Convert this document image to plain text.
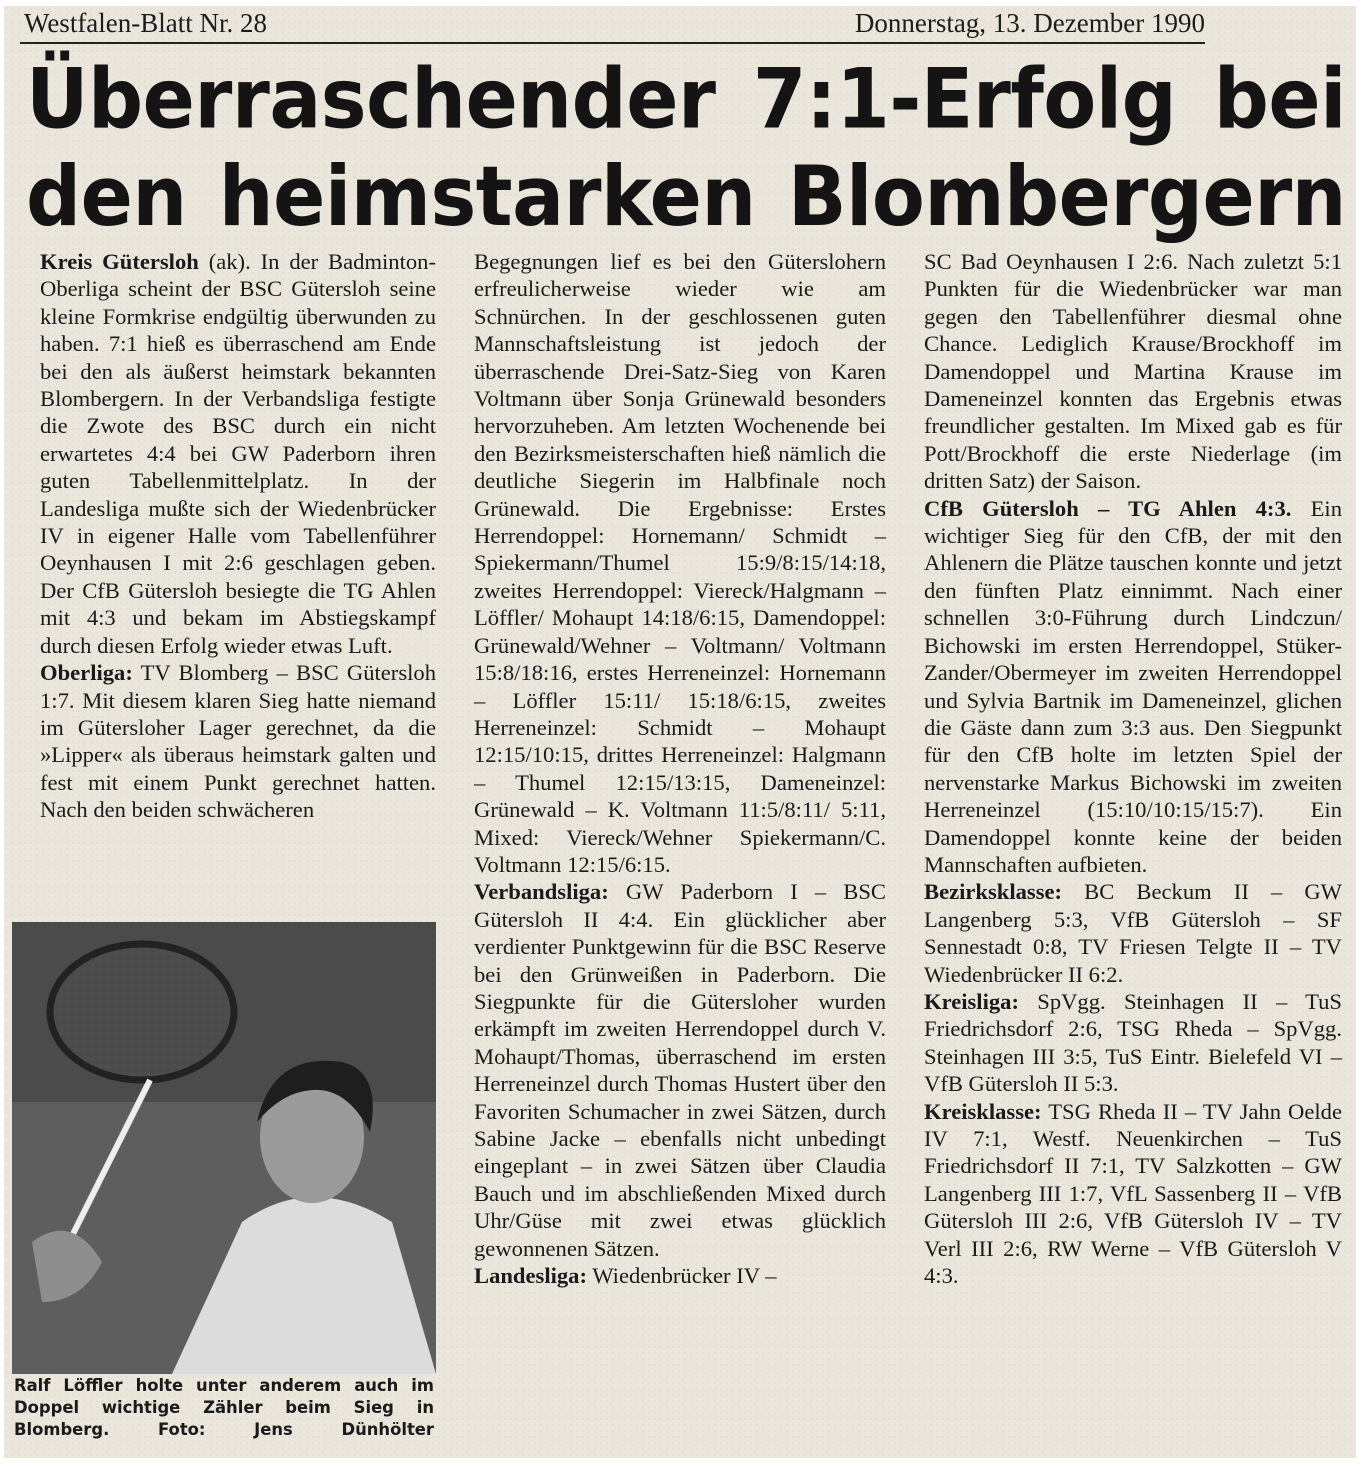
Westfalen-Blatt Nr. 28	Donnerstag, 13. Dezember 1990
Überraschender 7:1-Erfolg bei
den heimstarken Blombergern

Kreis Gütersloh (ak). In der Badminton-Oberliga scheint der BSC Gütersloh seine kleine Formkrise endgültig überwunden zu haben. 7:1 hieß es überraschend am Ende bei den als äußerst heimstark bekannten Blombergern. In der Verbandsliga festigte die Zwote des BSC durch ein nicht erwartetes 4:4 bei GW Paderborn ihren guten Tabellenmittelplatz. In der Landesliga mußte sich der Wiedenbrücker IV in eigener Halle vom Tabellenführer Oeynhausen I mit 2:6 geschlagen geben. Der CfB Gütersloh besiegte die TG Ahlen mit 4:3 und bekam im Abstiegskampf durch diesen Erfolg wieder etwas Luft.

Oberliga: TV Blomberg – BSC Gütersloh 1:7. Mit diesem klaren Sieg hatte niemand im Gütersloher Lager gerechnet, da die »Lipper« als überaus heimstark galten und fest mit einem Punkt gerechnet hatten. Nach den beiden schwächeren

Begegnungen lief es bei den Güterslohern erfreulicherweise wieder wie am Schnürchen. In der geschlossenen guten Mannschaftsleistung ist jedoch der überraschende Drei-Satz-Sieg von Karen Voltmann über Sonja Grünewald besonders hervorzuheben. Am letzten Wochenende bei den Bezirksmeisterschaften hieß nämlich die deutliche Siegerin im Halbfinale noch Grünewald. Die Ergebnisse: Erstes Herrendoppel: Hornemann/ Schmidt – Spiekermann/Thumel 15:9/8:15/14:18, zweites Herrendoppel: Viereck/Halgmann – Löffler/ Mohaupt 14:18/6:15, Damendoppel: Grünewald/Wehner – Voltmann/ Voltmann 15:8/18:16, erstes Herreneinzel: Hornemann – Löffler 15:11/ 15:18/6:15, zweites Herreneinzel: Schmidt – Mohaupt 12:15/10:15, drittes Herreneinzel: Halgmann – Thumel 12:15/13:15, Dameneinzel: Grünewald – K. Voltmann 11:5/8:11/ 5:11, Mixed: Viereck/Wehner Spiekermann/C. Voltmann 12:15/6:15.

Verbandsliga: GW Paderborn I – BSC Gütersloh II 4:4. Ein glücklicher aber verdienter Punktgewinn für die BSC Reserve bei den Grünweißen in Paderborn. Die Siegpunkte für die Gütersloher wurden erkämpft im zweiten Herrendoppel durch V. Mohaupt/Thomas, überraschend im ersten Herreneinzel durch Thomas Hustert über den Favoriten Schumacher in zwei Sätzen, durch Sabine Jacke – ebenfalls nicht unbedingt eingeplant – in zwei Sätzen über Claudia Bauch und im abschließenden Mixed durch Uhr/Güse mit zwei etwas glücklich gewonnenen Sätzen.

Landesliga: Wiedenbrücker IV –

SC Bad Oeynhausen I 2:6. Nach zuletzt 5:1 Punkten für die Wiedenbrücker war man gegen den Tabellenführer diesmal ohne Chance. Lediglich Krause/Brockhoff im Damendoppel und Martina Krause im Dameneinzel konnten das Ergebnis etwas freundlicher gestalten. Im Mixed gab es für Pott/Brockhoff die erste Niederlage (im dritten Satz) der Saison.

CfB Gütersloh – TG Ahlen 4:3. Ein wichtiger Sieg für den CfB, der mit den Ahlenern die Plätze tauschen konnte und jetzt den fünften Platz einnimmt. Nach einer schnellen 3:0-Führung durch Lindczun/ Bichowski im ersten Herrendoppel, Stüker-Zander/Obermeyer im zweiten Herrendoppel und Sylvia Bartnik im Dameneinzel, glichen die Gäste dann zum 3:3 aus. Den Siegpunkt für den CfB holte im letzten Spiel der nervenstarke Markus Bichowski im zweiten Herreneinzel (15:10/10:15/15:7). Ein Damendoppel konnte keine der beiden Mannschaften aufbieten.

Bezirksklasse: BC Beckum II – GW Langenberg 5:3, VfB Gütersloh – SF Sennestadt 0:8, TV Friesen Telgte II – TV Wiedenbrücker II 6:2.

Kreisliga: SpVgg. Steinhagen II – TuS Friedrichsdorf 2:6, TSG Rheda – SpVgg. Steinhagen III 3:5, TuS Eintr. Bielefeld VI – VfB Gütersloh II 5:3.

Kreisklasse: TSG Rheda II – TV Jahn Oelde IV 7:1, Westf. Neuenkirchen – TuS Friedrichsdorf II 7:1, TV Salzkotten – GW Langenberg III 1:7, VfL Sassenberg II – VfB Gütersloh III 2:6, VfB Gütersloh IV – TV Verl III 2:6, RW Werne – VfB Gütersloh V 4:3.

Ralf Löffler holte unter anderem auch im Doppel wichtige Zähler beim Sieg in Blomberg. Foto: Jens Dünhölter
